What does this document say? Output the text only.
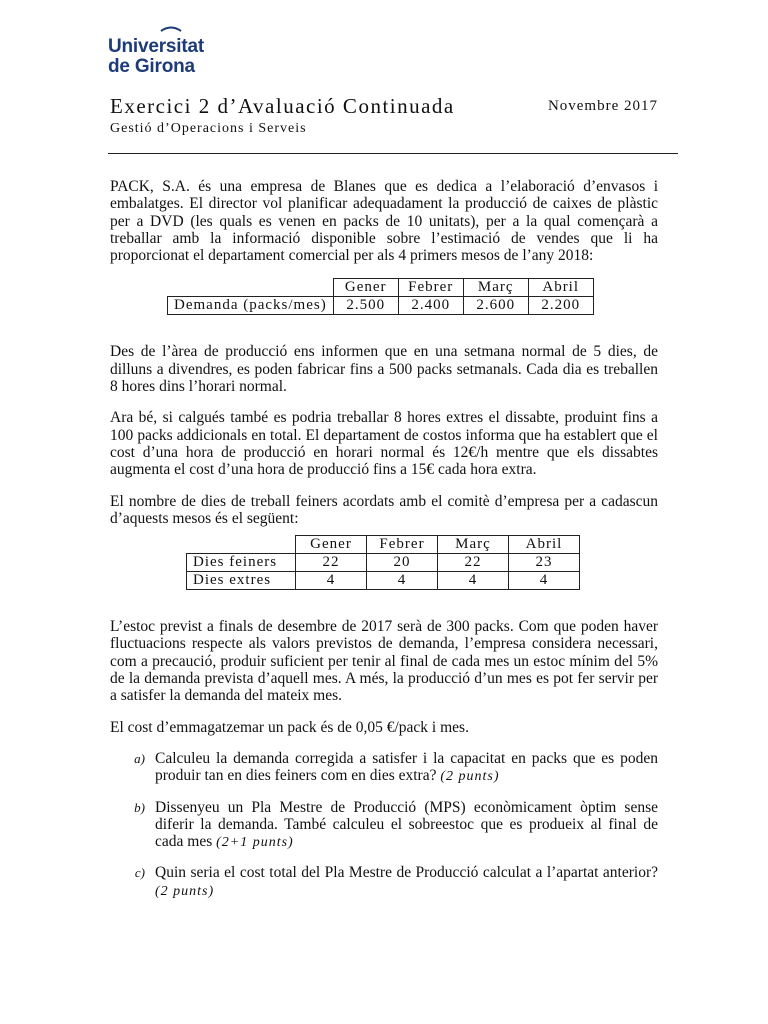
Universitat
de Girona
Exercici 2 d’Avaluació Continuada	Novembre 2017
Gestió d’Operacions i Serveis

PACK, S.A. és una empresa de Blanes que es dedica a l’elaboració d’envasos i embalatges. El director vol planificar adequadament la producció de caixes de plàstic per a DVD (les quals es venen en packs de 10 unitats), per a la qual començarà a treballar amb la informació disponible sobre l’estimació de vendes que li ha proporcionat el departament comercial per als 4 primers mesos de l’any 2018:

	Gener	Febrer	Març	Abril
Demanda (packs/mes)	2.500	2.400	2.600	2.200

Des de l’àrea de producció ens informen que en una setmana normal de 5 dies, de dilluns a divendres, es poden fabricar fins a 500 packs setmanals. Cada dia es treballen 8 hores dins l’horari normal.

Ara bé, si calgués també es podria treballar 8 hores extres el dissabte, produint fins a 100 packs addicionals en total. El departament de costos informa que ha establert que el cost d’una hora de producció en horari normal és 12€/h mentre que els dissabtes augmenta el cost d’una hora de producció fins a 15€ cada hora extra.

El nombre de dies de treball feiners acordats amb el comitè d’empresa per a cadascun d’aquests mesos és el següent:

	Gener	Febrer	Març	Abril
Dies feiners	22	20	22	23
Dies extres	4	4	4	4

L’estoc previst a finals de desembre de 2017 serà de 300 packs. Com que poden haver fluctuacions respecte als valors previstos de demanda, l’empresa considera necessari, com a precaució, produir suficient per tenir al final de cada mes un estoc mínim del 5% de la demanda prevista d’aquell mes. A més, la producció d’un mes es pot fer servir per a satisfer la demanda del mateix mes.

El cost d’emmagatzemar un pack és de 0,05 €/pack i mes.

a) Calculeu la demanda corregida a satisfer i la capacitat en packs que es poden produir tan en dies feiners com en dies extra? (2 punts)
b) Dissenyeu un Pla Mestre de Producció (MPS) econòmicament òptim sense diferir la demanda. També calculeu el sobreestoc que es produeix al final de cada mes (2+1 punts)
c) Quin seria el cost total del Pla Mestre de Producció calculat a l’apartat anterior? (2 punts)
